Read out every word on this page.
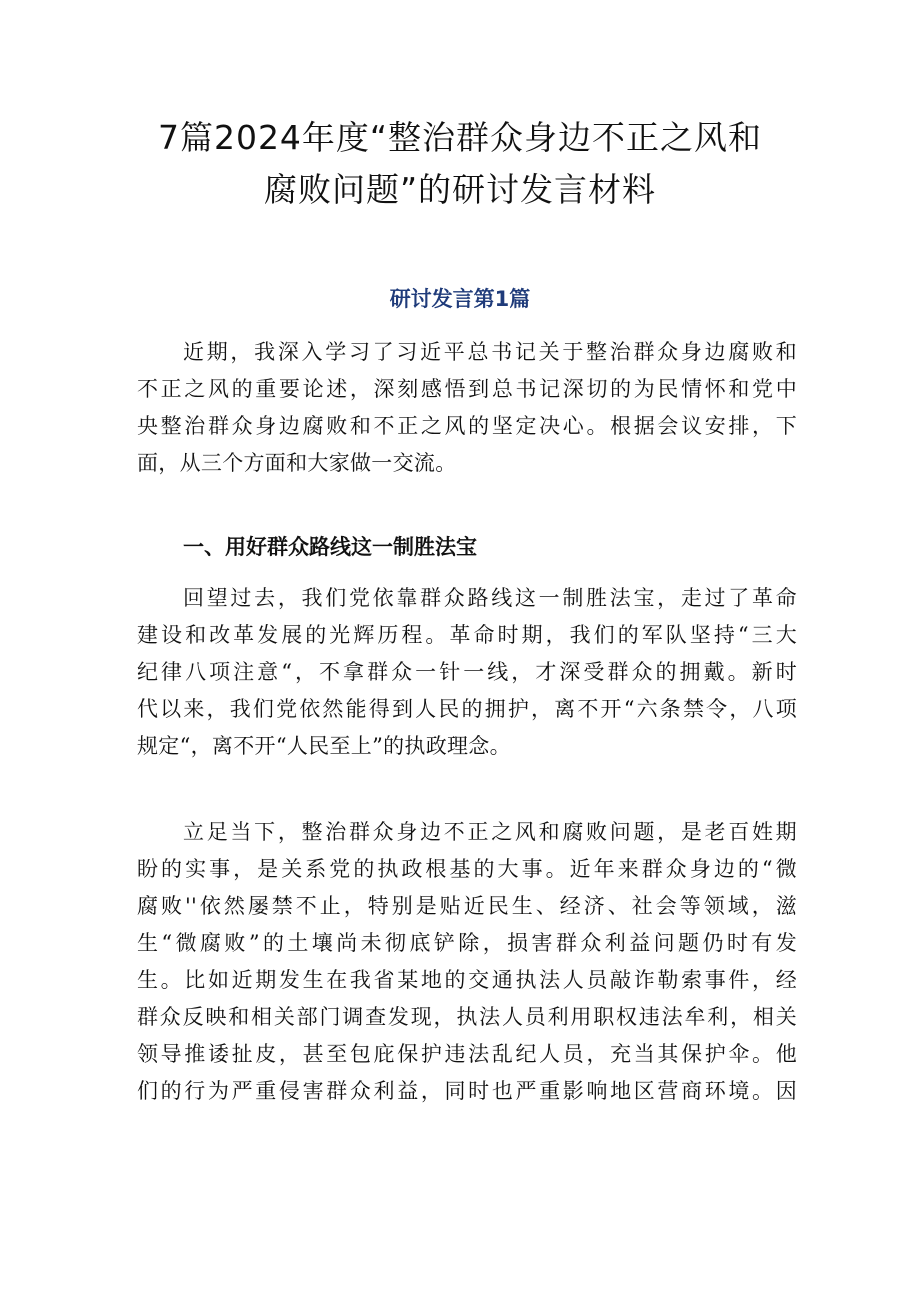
7篇2024年度“整治群众身边不正之风和
腐败问题”的研讨发言材料
研讨发言第1篇
近期，我深入学习了习近平总书记关于整治群众身边腐败和
不正之风的重要论述，深刻感悟到总书记深切的为民情怀和党中
央整治群众身边腐败和不正之风的坚定决心。根据会议安排，下
面，从三个方面和大家做一交流。
一、用好群众路线这一制胜法宝
回望过去，我们党依靠群众路线这一制胜法宝，走过了革命
建设和改革发展的光辉历程。革命时期，我们的军队坚持“三大
纪律八项注意“，不拿群众一针一线，才深受群众的拥戴。新时
代以来，我们党依然能得到人民的拥护，离不开“六条禁令，八项
规定“，离不开“人民至上”的执政理念。
立足当下，整治群众身边不正之风和腐败问题，是老百姓期
盼的实事，是关系党的执政根基的大事。近年来群众身边的“微
腐败''依然屡禁不止，特别是贴近民生、经济、社会等领域，滋
生“微腐败”的土壤尚未彻底铲除，损害群众利益问题仍时有发
生。比如近期发生在我省某地的交通执法人员敲诈勒索事件，经
群众反映和相关部门调查发现，执法人员利用职权违法牟利，相关
领导推诿扯皮，甚至包庇保护违法乱纪人员，充当其保护伞。他
们的行为严重侵害群众利益，同时也严重影响地区营商环境。因
